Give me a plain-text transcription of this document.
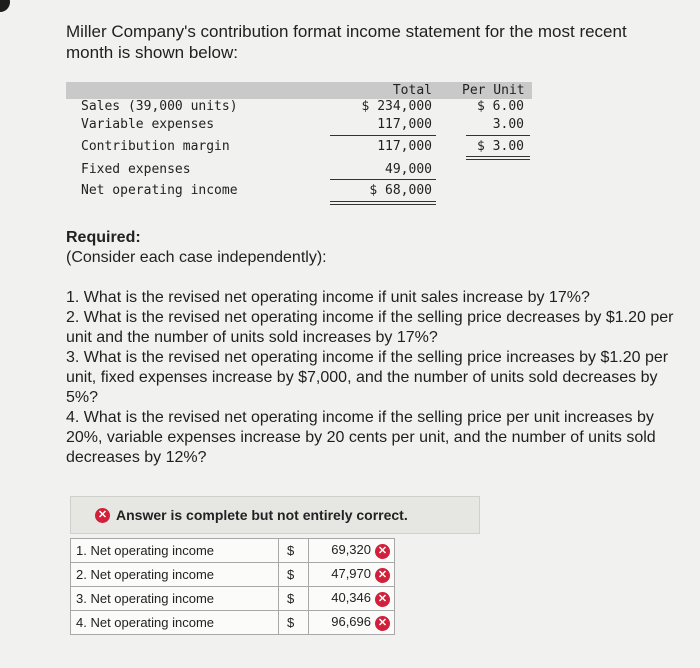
Miller Company's contribution format income statement for the most recent month is shown below:
Total Per Unit
Sales (39,000 units)	$ 234,000	$ 6.00
Variable expenses	117,000	3.00
Contribution margin	117,000	$ 3.00
Fixed expenses	49,000
Net operating income	$ 68,000
Required:
(Consider each case independently):

1. What is the revised net operating income if unit sales increase by 17%?

2. What is the revised net operating income if the selling price decreases by $1.20 per unit and the number of units sold increases by 17%?

3. What is the revised net operating income if the selling price increases by $1.20 per unit, fixed expenses increase by $7,000, and the number of units sold decreases by 5%?

4. What is the revised net operating income if the selling price per unit increases by 20%, variable expenses increase by 20 cents per unit, and the number of units sold decreases by 12%?

✕ Answer is complete but not entirely correct.
1. Net operating income	$	69,320 ✕
2. Net operating income	$	47,970 ✕
3. Net operating income	$	40,346 ✕
4. Net operating income	$	96,696 ✕
